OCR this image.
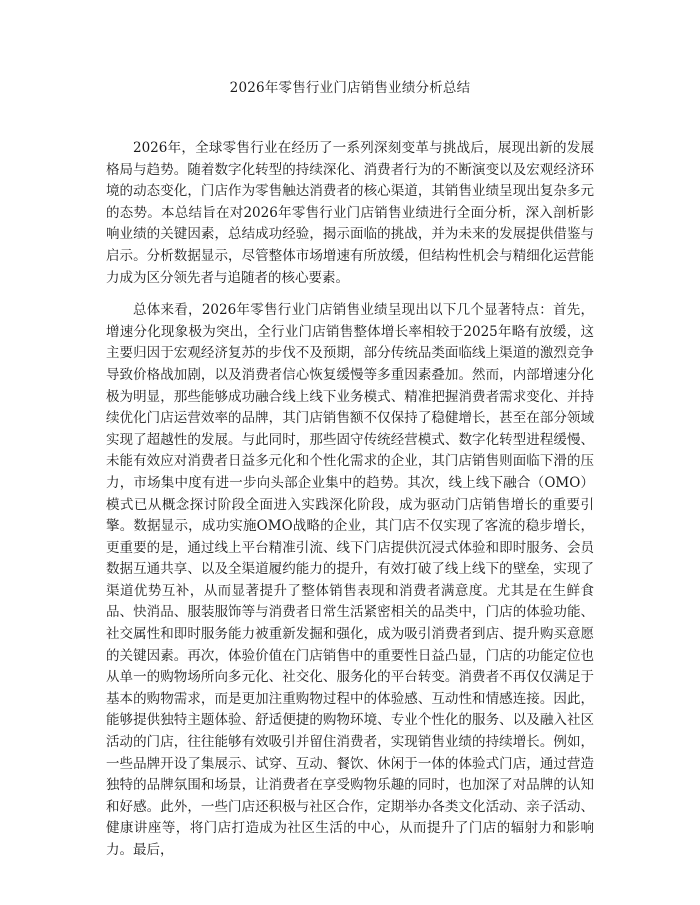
2026年零售行业门店销售业绩分析总结

2026年，全球零售行业在经历了一系列深刻变革与挑战后，展现出新的发展格局与趋势。随着数字化转型的持续深化、消费者行为的不断演变以及宏观经济环境的动态变化，门店作为零售触达消费者的核心渠道，其销售业绩呈现出复杂多元的态势。本总结旨在对2026年零售行业门店销售业绩进行全面分析，深入剖析影响业绩的关键因素，总结成功经验，揭示面临的挑战，并为未来的发展提供借鉴与启示。分析数据显示，尽管整体市场增速有所放缓，但结构性机会与精细化运营能力成为区分领先者与追随者的核心要素。

总体来看，2026年零售行业门店销售业绩呈现出以下几个显著特点：首先，增速分化现象极为突出，全行业门店销售整体增长率相较于2025年略有放缓，这主要归因于宏观经济复苏的步伐不及预期，部分传统品类面临线上渠道的激烈竞争导致价格战加剧，以及消费者信心恢复缓慢等多重因素叠加。然而，内部增速分化极为明显，那些能够成功融合线上线下业务模式、精准把握消费者需求变化、并持续优化门店运营效率的品牌，其门店销售额不仅保持了稳健增长，甚至在部分领域实现了超越性的发展。与此同时，那些固守传统经营模式、数字化转型进程缓慢、未能有效应对消费者日益多元化和个性化需求的企业，其门店销售则面临下滑的压力，市场集中度有进一步向头部企业集中的趋势。其次，线上线下融合（OMO）模式已从概念探讨阶段全面进入实践深化阶段，成为驱动门店销售增长的重要引擎。数据显示，成功实施OMO战略的企业，其门店不仅实现了客流的稳步增长，更重要的是，通过线上平台精准引流、线下门店提供沉浸式体验和即时服务、会员数据互通共享、以及全渠道履约能力的提升，有效打破了线上线下的壁垒，实现了渠道优势互补，从而显著提升了整体销售表现和消费者满意度。尤其是在生鲜食品、快消品、服装服饰等与消费者日常生活紧密相关的品类中，门店的体验功能、社交属性和即时服务能力被重新发掘和强化，成为吸引消费者到店、提升购买意愿的关键因素。再次，体验价值在门店销售中的重要性日益凸显，门店的功能定位也从单一的购物场所向多元化、社交化、服务化的平台转变。消费者不再仅仅满足于基本的购物需求，而是更加注重购物过程中的体验感、互动性和情感连接。因此，能够提供独特主题体验、舒适便捷的购物环境、专业个性化的服务、以及融入社区活动的门店，往往能够有效吸引并留住消费者，实现销售业绩的持续增长。例如，一些品牌开设了集展示、试穿、互动、餐饮、休闲于一体的体验式门店，通过营造独特的品牌氛围和场景，让消费者在享受购物乐趣的同时，也加深了对品牌的认知和好感。此外，一些门店还积极与社区合作，定期举办各类文化活动、亲子活动、健康讲座等，将门店打造成为社区生活的中心，从而提升了门店的辐射力和影响力。最后，
